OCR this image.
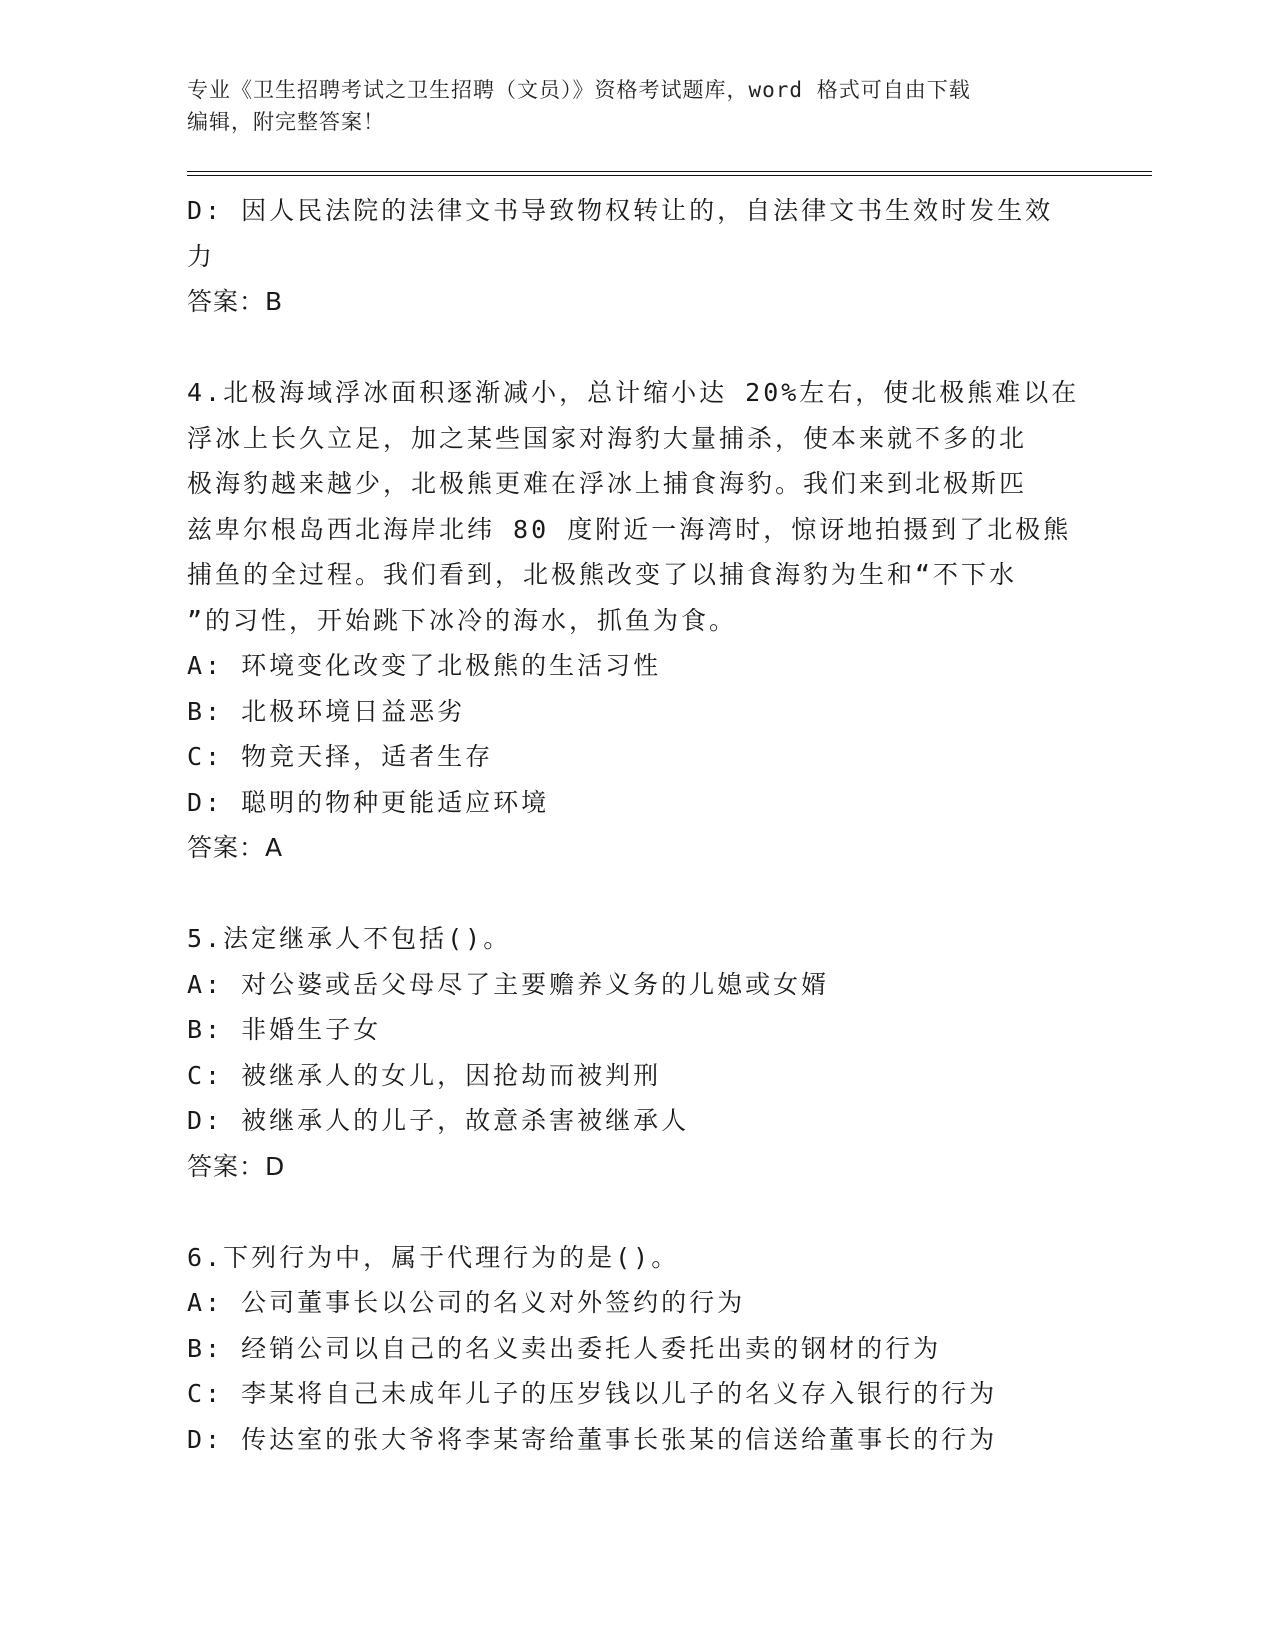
专业《卫生招聘考试之卫生招聘（文员）》资格考试题库，word 格式可自由下载
编辑，附完整答案！
D: 因人民法院的法律文书导致物权转让的，自法律文书生效时发生效
力
答案：B
4.北极海域浮冰面积逐渐减小，总计缩小达 20%左右，使北极熊难以在
浮冰上长久立足，加之某些国家对海豹大量捕杀，使本来就不多的北
极海豹越来越少，北极熊更难在浮冰上捕食海豹。我们来到北极斯匹
兹卑尔根岛西北海岸北纬 80 度附近一海湾时，惊讶地拍摄到了北极熊
捕鱼的全过程。我们看到，北极熊改变了以捕食海豹为生和“不下水
”的习性，开始跳下冰冷的海水，抓鱼为食。
A: 环境变化改变了北极熊的生活习性
B: 北极环境日益恶劣
C: 物竞天择，适者生存
D: 聪明的物种更能适应环境
答案：A
5.法定继承人不包括()。
A: 对公婆或岳父母尽了主要赡养义务的儿媳或女婿
B: 非婚生子女
C: 被继承人的女儿，因抢劫而被判刑
D: 被继承人的儿子，故意杀害被继承人
答案：D
6.下列行为中，属于代理行为的是()。
A: 公司董事长以公司的名义对外签约的行为
B: 经销公司以自己的名义卖出委托人委托出卖的钢材的行为
C: 李某将自己未成年儿子的压岁钱以儿子的名义存入银行的行为
D: 传达室的张大爷将李某寄给董事长张某的信送给董事长的行为
